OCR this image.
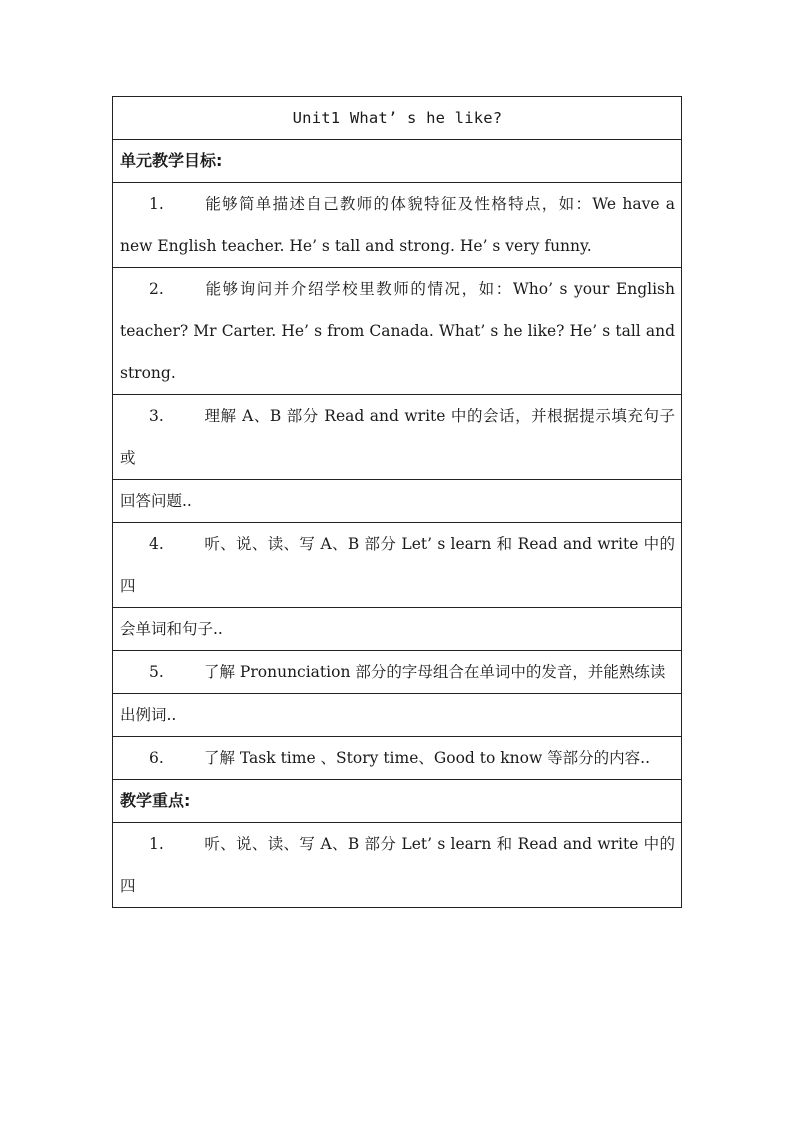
Unit1 What’ s he like?
单元教学目标:
1.	能够简单描述自己教师的体貌特征及性格特点，如：We have a new English teacher. He’ s tall and strong. He’ s very funny.
2.	能够询问并介绍学校里教师的情况，如：Who’ s your English teacher? Mr Carter. He’ s from Canada. What’ s he like? He’ s tall and strong.
3.	理解 A、B 部分 Read and write 中的会话，并根据提示填充句子或
回答问题..
4.	听、说、读、写 A、B 部分 Let’ s learn 和 Read and write 中的四
会单词和句子..
5.	了解 Pronunciation 部分的字母组合在单词中的发音，并能熟练读
出例词..
6.	了解 Task time 、Story time、Good to know 等部分的内容..
教学重点:
1.	听、说、读、写 A、B 部分 Let’ s learn 和 Read and write 中的四
